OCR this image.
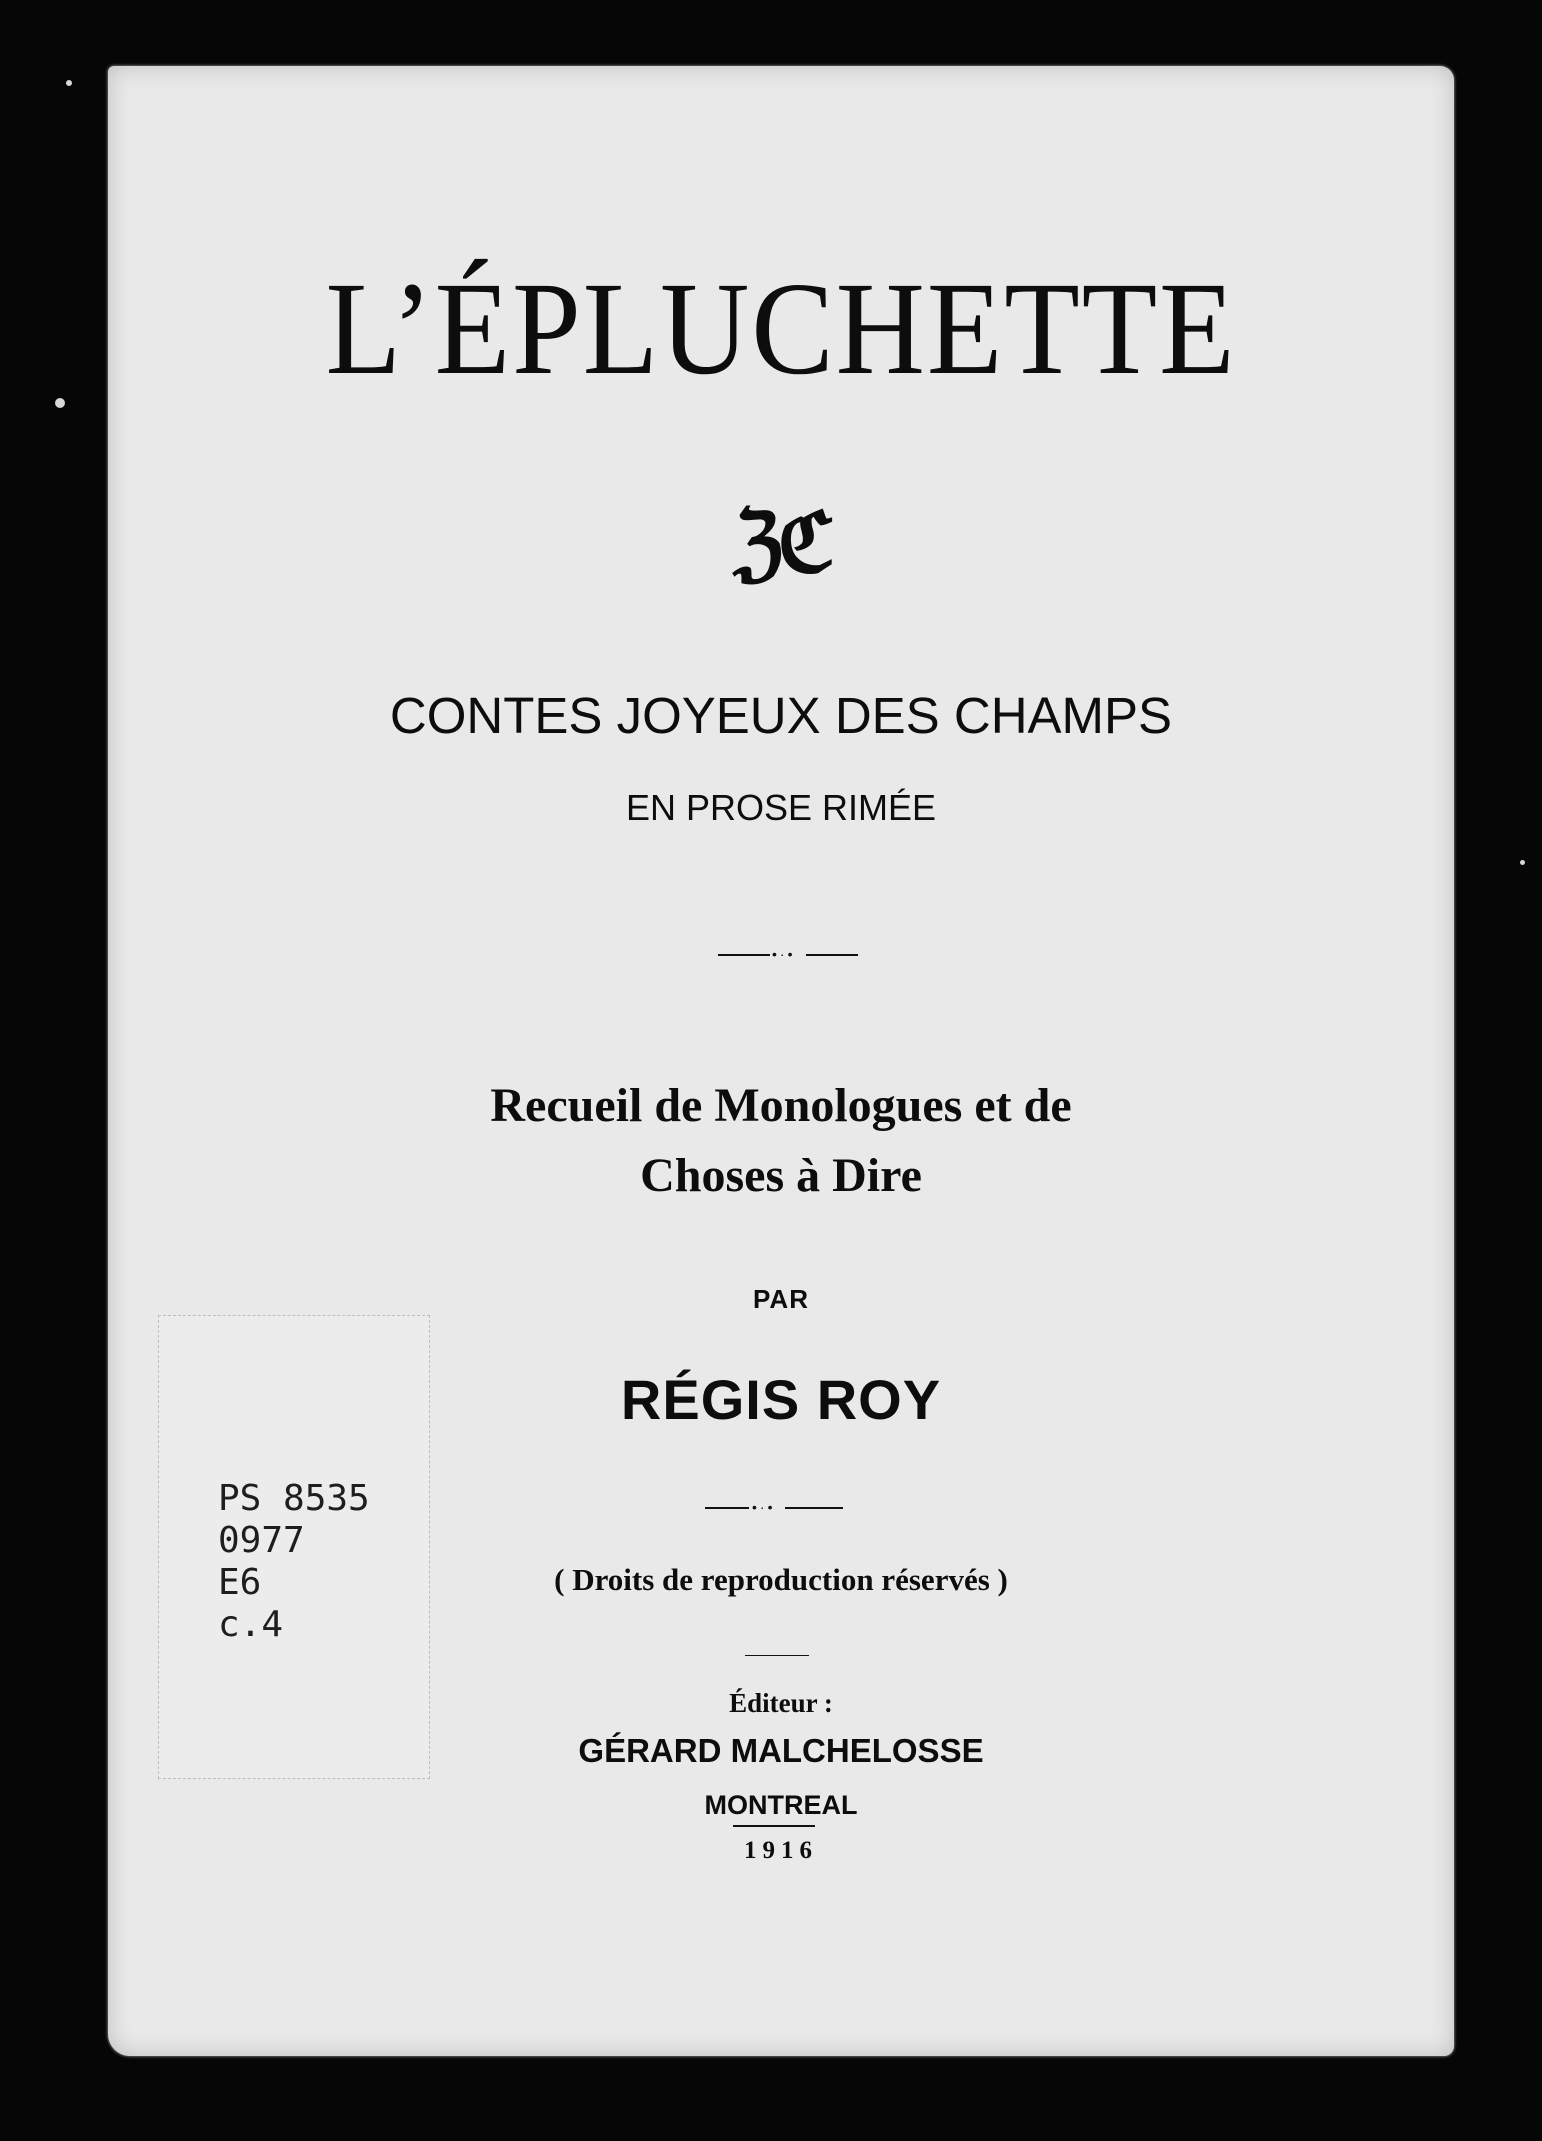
L’ÉPLUCHETTE
ℨℭ
CONTES JOYEUX DES CHAMPS
EN PROSE RIMÉE
•·•
Recueil de Monologues et de
Choses à Dire
PAR
RÉGIS ROY
•·•
( Droits de reproduction réservés )
Éditeur :
GÉRARD MALCHELOSSE
MONTREAL
1916
PS 8535
0977
E6
c.4
